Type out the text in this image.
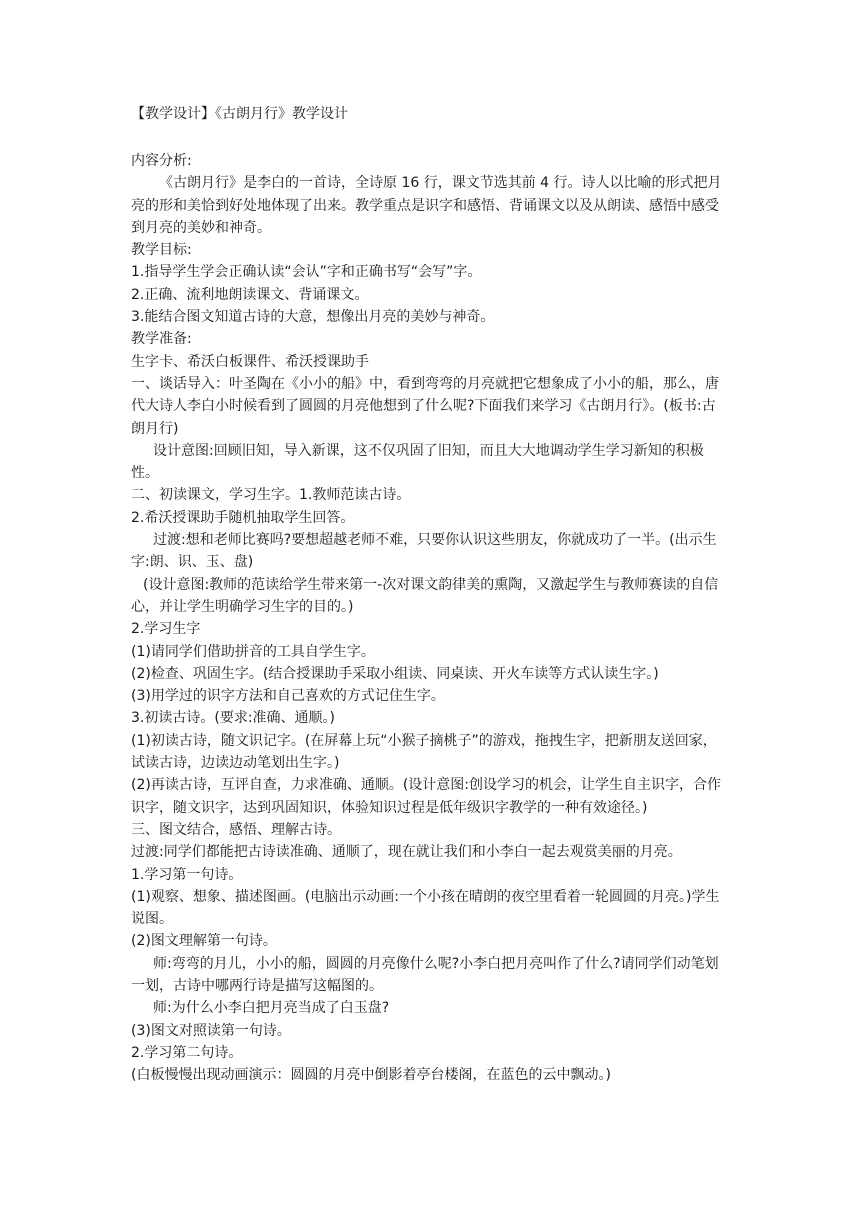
【教学设计】《古朗月行》教学设计

内容分析:

《古朗月行》是李白的一首诗，全诗原 16 行，课文节选其前 4 行。诗人以比喻的形式把月亮的形和美恰到好处地体现了出来。教学重点是识字和感悟、背诵课文以及从朗读、感悟中感受到月亮的美妙和神奇。

教学目标:

1.指导学生学会正确认读“会认”字和正确书写“会写”字。

2.正确、流利地朗读课文、背诵课文。

3.能结合图文知道古诗的大意，想像出月亮的美妙与神奇。

教学准备:

生字卡、希沃白板课件、希沃授课助手

一、谈话导入：叶圣陶在《小小的船》中，看到弯弯的月亮就把它想象成了小小的船，那么，唐代大诗人李白小时候看到了圆圆的月亮他想到了什么呢?下面我们来学习《古朗月行》。(板书:古朗月行)

设计意图:回顾旧知，导入新课，这不仅巩固了旧知，而且大大地调动学生学习新知的积极性。

二、初读课文，学习生字。1.教师范读古诗。

2.希沃授课助手随机抽取学生回答。

过渡:想和老师比赛吗?要想超越老师不难，只要你认识这些朋友，你就成功了一半。(出示生字:朗、识、玉、盘)

(设计意图:教师的范读给学生带来第一-次对课文韵律美的熏陶，又激起学生与教师赛读的自信心，并让学生明确学习生字的目的。)

2.学习生字

(1)请同学们借助拼音的工具自学生字。

(2)检查、巩固生字。(结合授课助手采取小组读、同桌读、开火车读等方式认读生字。)

(3)用学过的识字方法和自己喜欢的方式记住生字。

3.初读古诗。(要求:准确、通顺。)

(1)初读古诗，随文识记字。(在屏幕上玩“小猴子摘桃子”的游戏，拖拽生字，把新朋友送回家，试读古诗，边读边动笔划出生字。)

(2)再读古诗，互评自查，力求准确、通顺。(设计意图:创设学习的机会，让学生自主识字，合作识字，随文识字，达到巩固知识，体验知识过程是低年级识字教学的一种有效途径。)

三、图文结合，感悟、理解古诗。

过渡:同学们都能把古诗读准确、通顺了，现在就让我们和小李白一起去观赏美丽的月亮。

1.学习第一句诗。

(1)观察、想象、描述图画。(电脑出示动画:一个小孩在晴朗的夜空里看着一轮圆圆的月亮。)学生说图。

(2)图文理解第一句诗。

师:弯弯的月儿，小小的船，圆圆的月亮像什么呢?小李白把月亮叫作了什么?请同学们动笔划一划，古诗中哪两行诗是描写这幅图的。

师:为什么小李白把月亮当成了白玉盘?

(3)图文对照读第一句诗。

2.学习第二句诗。

(白板慢慢出现动画演示：圆圆的月亮中倒影着亭台楼阁，在蓝色的云中飘动。)
